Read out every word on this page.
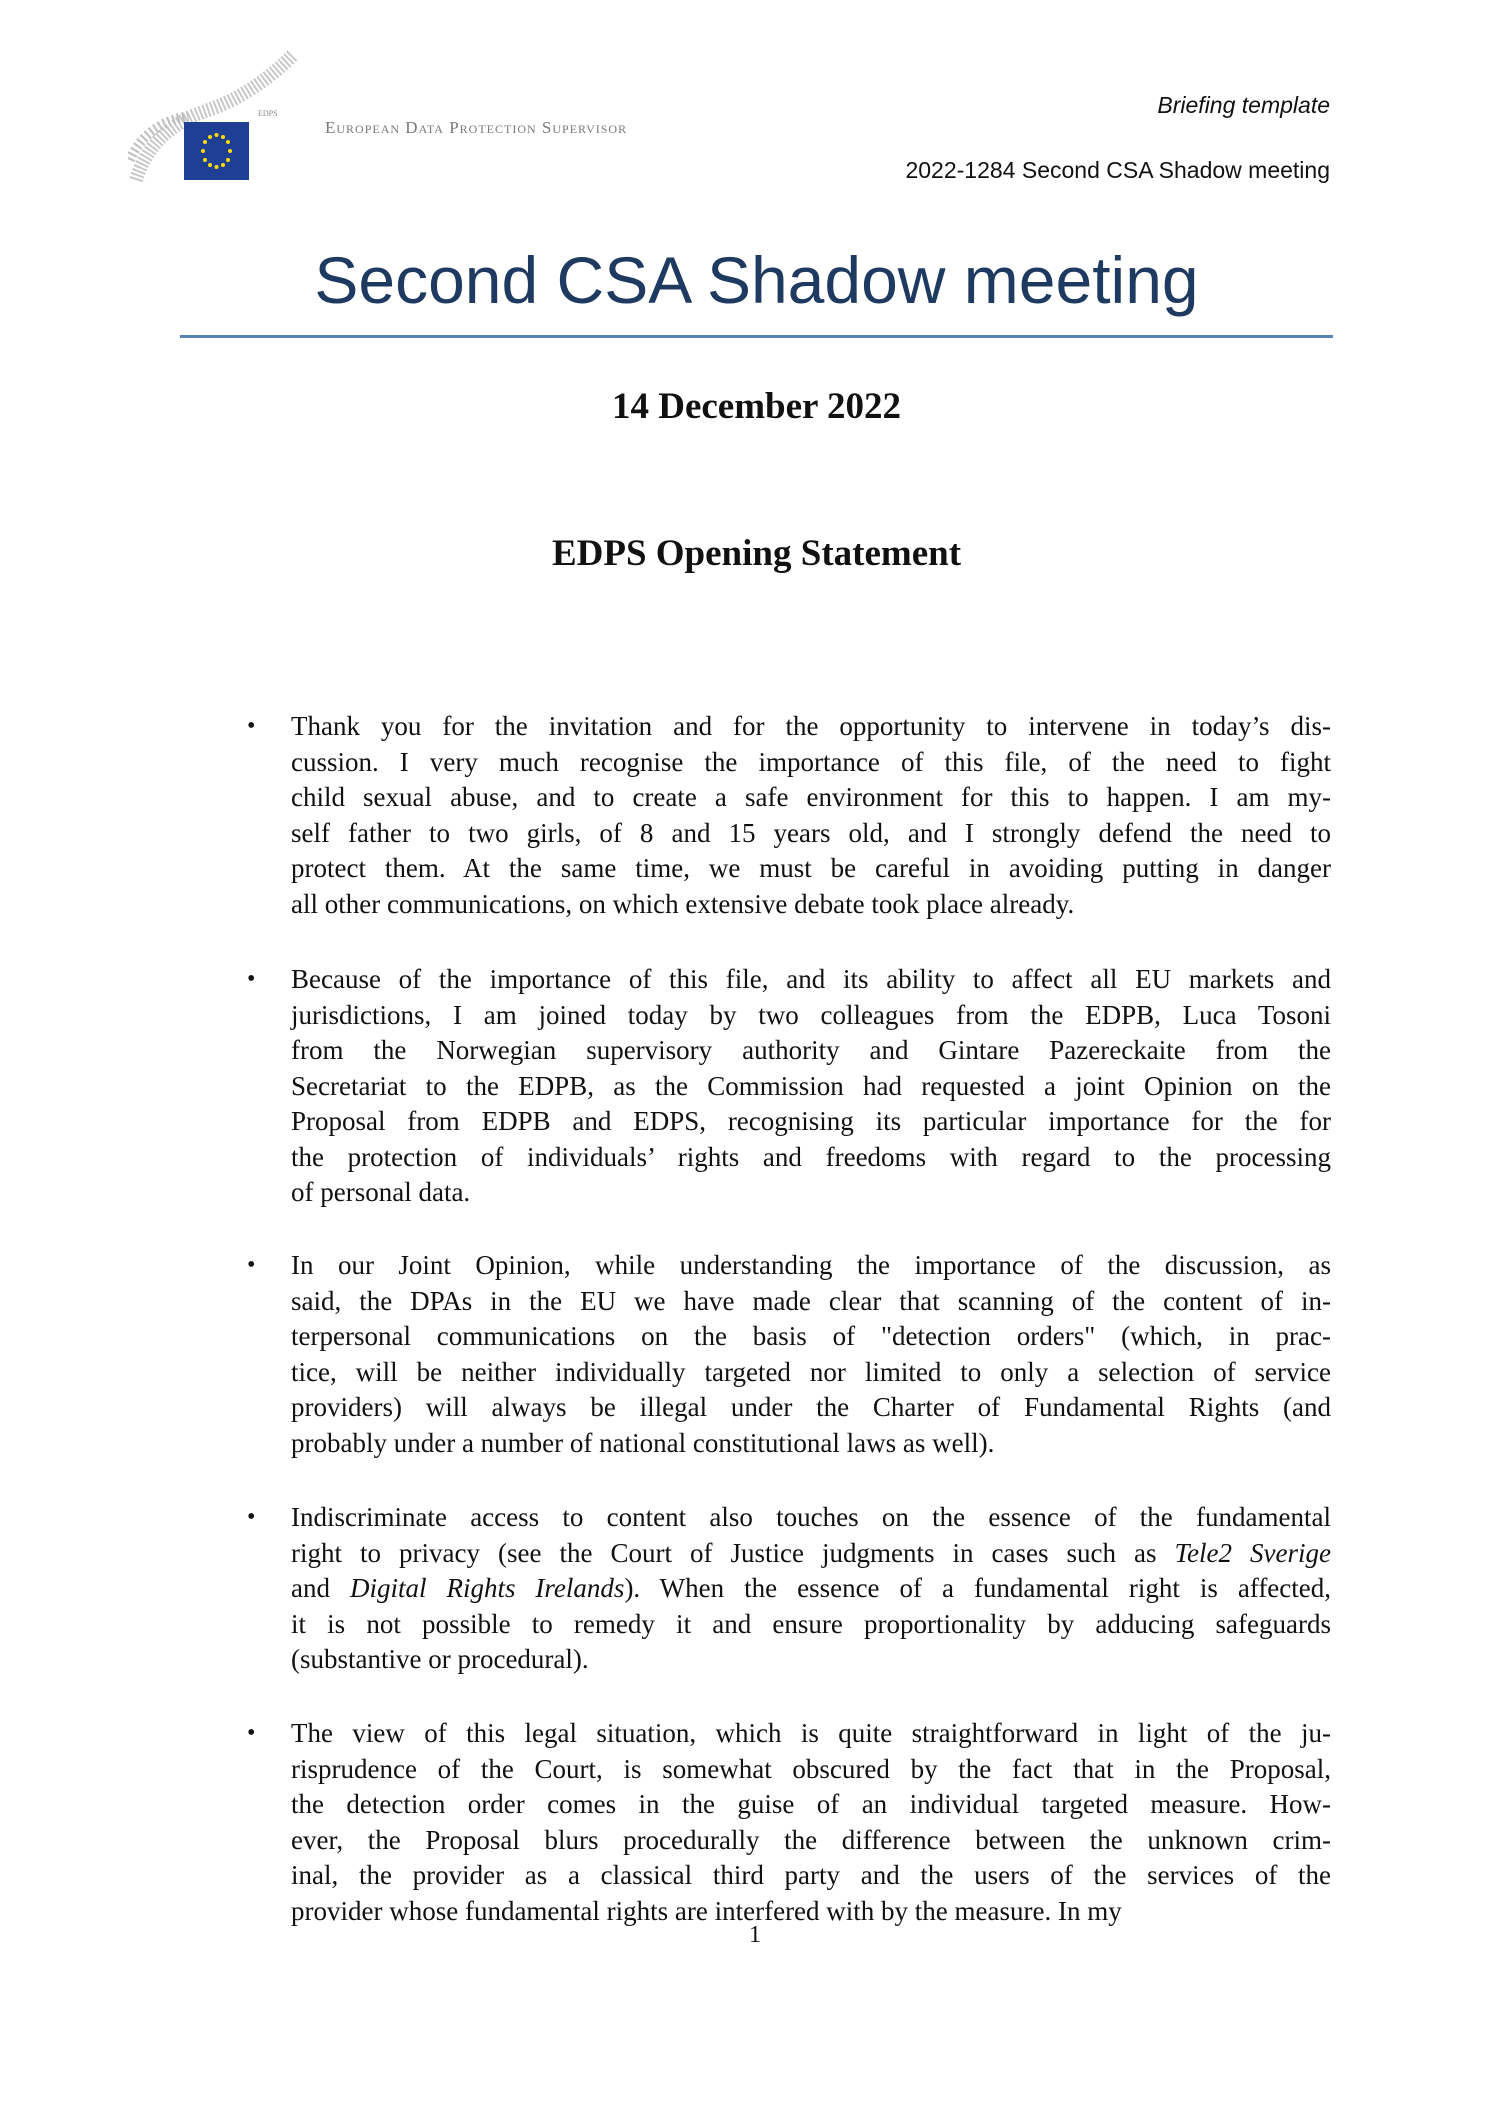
EDPS
European Data Protection Supervisor
Briefing template
2022-1284 Second CSA Shadow meeting
Second CSA Shadow meeting
14 December 2022
EDPS Opening Statement
• Thank you for the invitation and for the opportunity to intervene in today’s dis-
cussion. I very much recognise the importance of this file, of the need to fight
child sexual abuse, and to create a safe environment for this to happen. I am my-
self father to two girls, of 8 and 15 years old, and I strongly defend the need to
protect them. At the same time, we must be careful in avoiding putting in danger
all other communications, on which extensive debate took place already.
• Because of the importance of this file, and its ability to affect all EU markets and
jurisdictions, I am joined today by two colleagues from the EDPB, Luca Tosoni
from the Norwegian supervisory authority and Gintare Pazereckaite from the
Secretariat to the EDPB, as the Commission had requested a joint Opinion on the
Proposal from EDPB and EDPS, recognising its particular importance for the for
the protection of individuals’ rights and freedoms with regard to the processing
of personal data.
• In our Joint Opinion, while understanding the importance of the discussion, as
said, the DPAs in the EU we have made clear that scanning of the content of in-
terpersonal communications on the basis of "detection orders" (which, in prac-
tice, will be neither individually targeted nor limited to only a selection of service
providers) will always be illegal under the Charter of Fundamental Rights (and
probably under a number of national constitutional laws as well).
• Indiscriminate access to content also touches on the essence of the fundamental
right to privacy (see the Court of Justice judgments in cases such as Tele2 Sverige
and Digital Rights Irelands). When the essence of a fundamental right is affected,
it is not possible to remedy it and ensure proportionality by adducing safeguards
(substantive or procedural).
• The view of this legal situation, which is quite straightforward in light of the ju-
risprudence of the Court, is somewhat obscured by the fact that in the Proposal,
the detection order comes in the guise of an individual targeted measure. How-
ever, the Proposal blurs procedurally the difference between the unknown crim-
inal, the provider as a classical third party and the users of the services of the
provider whose fundamental rights are interfered with by the measure. In my
1
